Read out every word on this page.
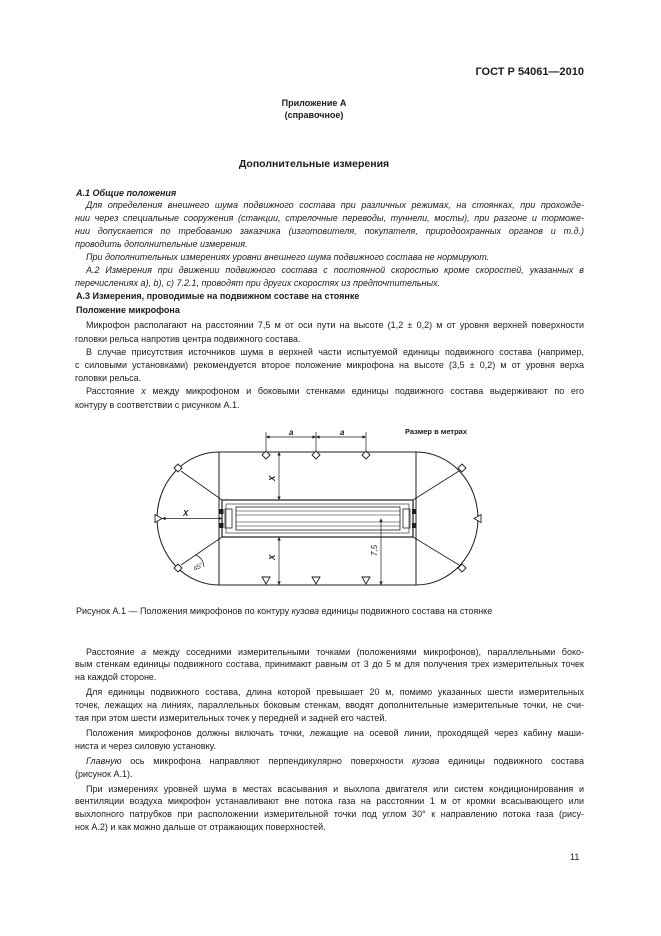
ГОСТ Р 54061—2010
Приложение А
(справочное)
Дополнительные измерения
А.1 Общие положения
Для определения внешнего шума подвижного состава при различных режимах, на стоянках, при прохожде-
нии через специальные сооружения (станции, стрелочные переводы, туннели, мосты), при разгоне и торможе-
нии допускается по требованию заказчика (изготовителя, покупателя, природоохранных органов и т.д.)
проводить дополнительные измерения.
При дополнительных измерениях уровни внешнего шума подвижного состава не нормируют.
А.2 Измерения при движении подвижного состава с постоянной скоростью кроме скоростей, указанных в
перечислениях а), b), с) 7.2.1, проводят при других скоростях из предпочтительных.
А.3 Измерения, проводимые на подвижном составе на стоянке
Положение микрофона
Микрофон располагают на расстоянии 7,5 м от оси пути на высоте (1,2 ± 0,2) м от уровня верхней поверхности
головки рельса напротив центра подвижного состава.
В случае присутствия источников шума в верхней части испытуемой единицы подвижного состава (например,
с силовыми установками) рекомендуется второе положение микрофона на высоте (3,5 ± 0,2) м от уровня верха
головки рельса.
Расстояние x между микрофоном и боковыми стенками единицы подвижного состава выдерживают по его
контуру в соответствии с рисунком А.1.
Размер в метрах
45°
а	а
X
X
X
7,5
Рисунок А.1 — Положения микрофонов по контуру кузова единицы подвижного состава на стоянке
Расстояние а между соседними измерительными точками (положениями микрофонов), параллельными боко-
вым стенкам единицы подвижного состава, принимают равным от 3 до 5 м для получения трех измерительных точек
на каждой стороне.
Для единицы подвижного состава, длина которой превышает 20 м, помимо указанных шести измерительных
точек, лежащих на линиях, параллельных боковым стенкам, вводят дополнительные измерительные точки, не счи-
тая при этом шести измерительных точек у передней и задней его частей.
Положения микрофонов должны включать точки, лежащие на осевой линии, проходящей через кабину маши-
ниста и через силовую установку.
Главную ось микрофона направляют перпендикулярно поверхности кузова единицы подвижного состава
(рисунок А.1).
При измерениях уровней шума в местах всасывания и выхлопа двигателя или систем кондиционирования и
вентиляции воздуха микрофон устанавливают вне потока газа на расстоянии 1 м от кромки всасывающего или
выхлопного патрубков при расположении измерительной точки под углом 30° к направлению потока газа (рису-
нок А.2) и как можно дальше от отражающих поверхностей.
11
